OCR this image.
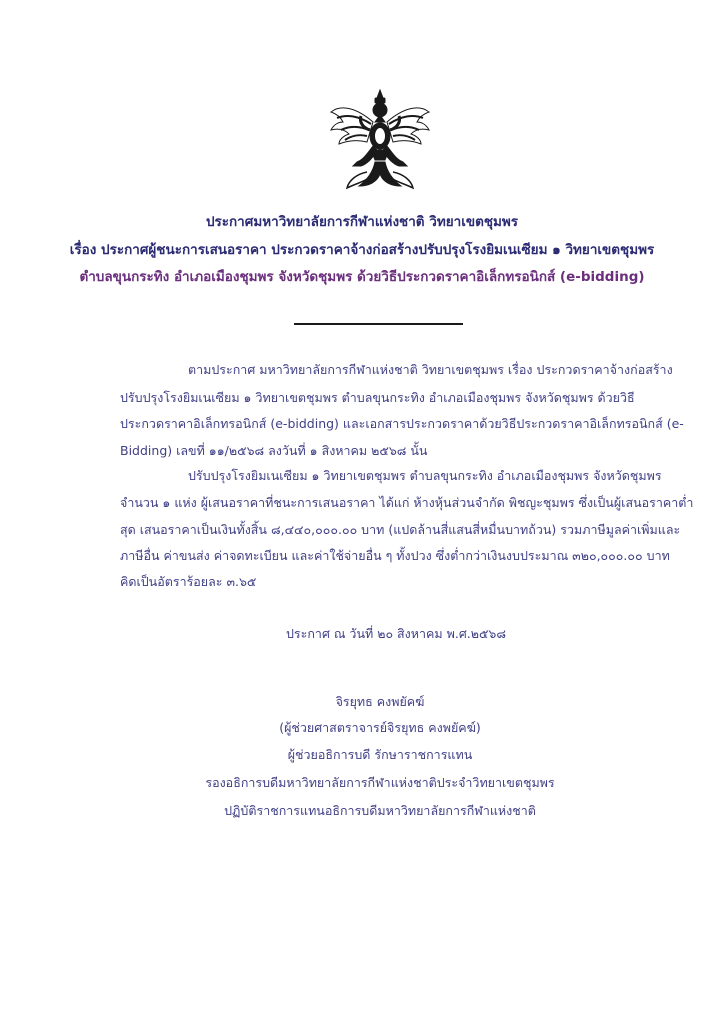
ประกาศมหาวิทยาลัยการกีฬาแห่งชาติ วิทยาเขตชุมพร
เรื่อง ประกาศผู้ชนะการเสนอราคา ประกวดราคาจ้างก่อสร้างปรับปรุงโรงยิมเนเซียม ๑ วิทยาเขตชุมพร
ตำบลขุนกระทิง อำเภอเมืองชุมพร จังหวัดชุมพร ด้วยวิธีประกวดราคาอิเล็กทรอนิกส์ (e-bidding)
ตามประกาศ มหาวิทยาลัยการกีฬาแห่งชาติ วิทยาเขตชุมพร เรื่อง ประกวดราคาจ้างก่อสร้าง
ปรับปรุงโรงยิมเนเซียม ๑ วิทยาเขตชุมพร ตำบลขุนกระทิง อำเภอเมืองชุมพร จังหวัดชุมพร ด้วยวิธี
ประกวดราคาอิเล็กทรอนิกส์ (e-bidding) และเอกสารประกวดราคาด้วยวิธีประกวดราคาอิเล็กทรอนิกส์ (e-
Bidding) เลขที่ ๑๑/๒๕๖๘ ลงวันที่ ๑ สิงหาคม ๒๕๖๘ นั้น
ปรับปรุงโรงยิมเนเซียม ๑ วิทยาเขตชุมพร ตำบลขุนกระทิง อำเภอเมืองชุมพร จังหวัดชุมพร
จำนวน ๑ แห่ง ผู้เสนอราคาที่ชนะการเสนอราคา ได้แก่ ห้างหุ้นส่วนจำกัด พิชญะชุมพร ซึ่งเป็นผู้เสนอราคาต่ำ
สุด เสนอราคาเป็นเงินทั้งสิ้น ๘,๔๔๐,๐๐๐.๐๐ บาท (แปดล้านสี่แสนสี่หมื่นบาทถ้วน) รวมภาษีมูลค่าเพิ่มและ
ภาษีอื่น ค่าขนส่ง ค่าจดทะเบียน และค่าใช้จ่ายอื่น ๆ ทั้งปวง ซึ่งต่ำกว่าเงินงบประมาณ ๓๒๐,๐๐๐.๐๐ บาท
คิดเป็นอัตราร้อยละ ๓.๖๕
ประกาศ ณ วันที่ ๒๐ สิงหาคม พ.ศ.๒๕๖๘
จิรยุทธ คงพยัคฆ์
(ผู้ช่วยศาสตราจารย์จิรยุทธ คงพยัคฆ์)
ผู้ช่วยอธิการบดี รักษาราชการแทน
รองอธิการบดีมหาวิทยาลัยการกีฬาแห่งชาติประจำวิทยาเขตชุมพร
ปฏิบัติราชการแทนอธิการบดีมหาวิทยาลัยการกีฬาแห่งชาติ
